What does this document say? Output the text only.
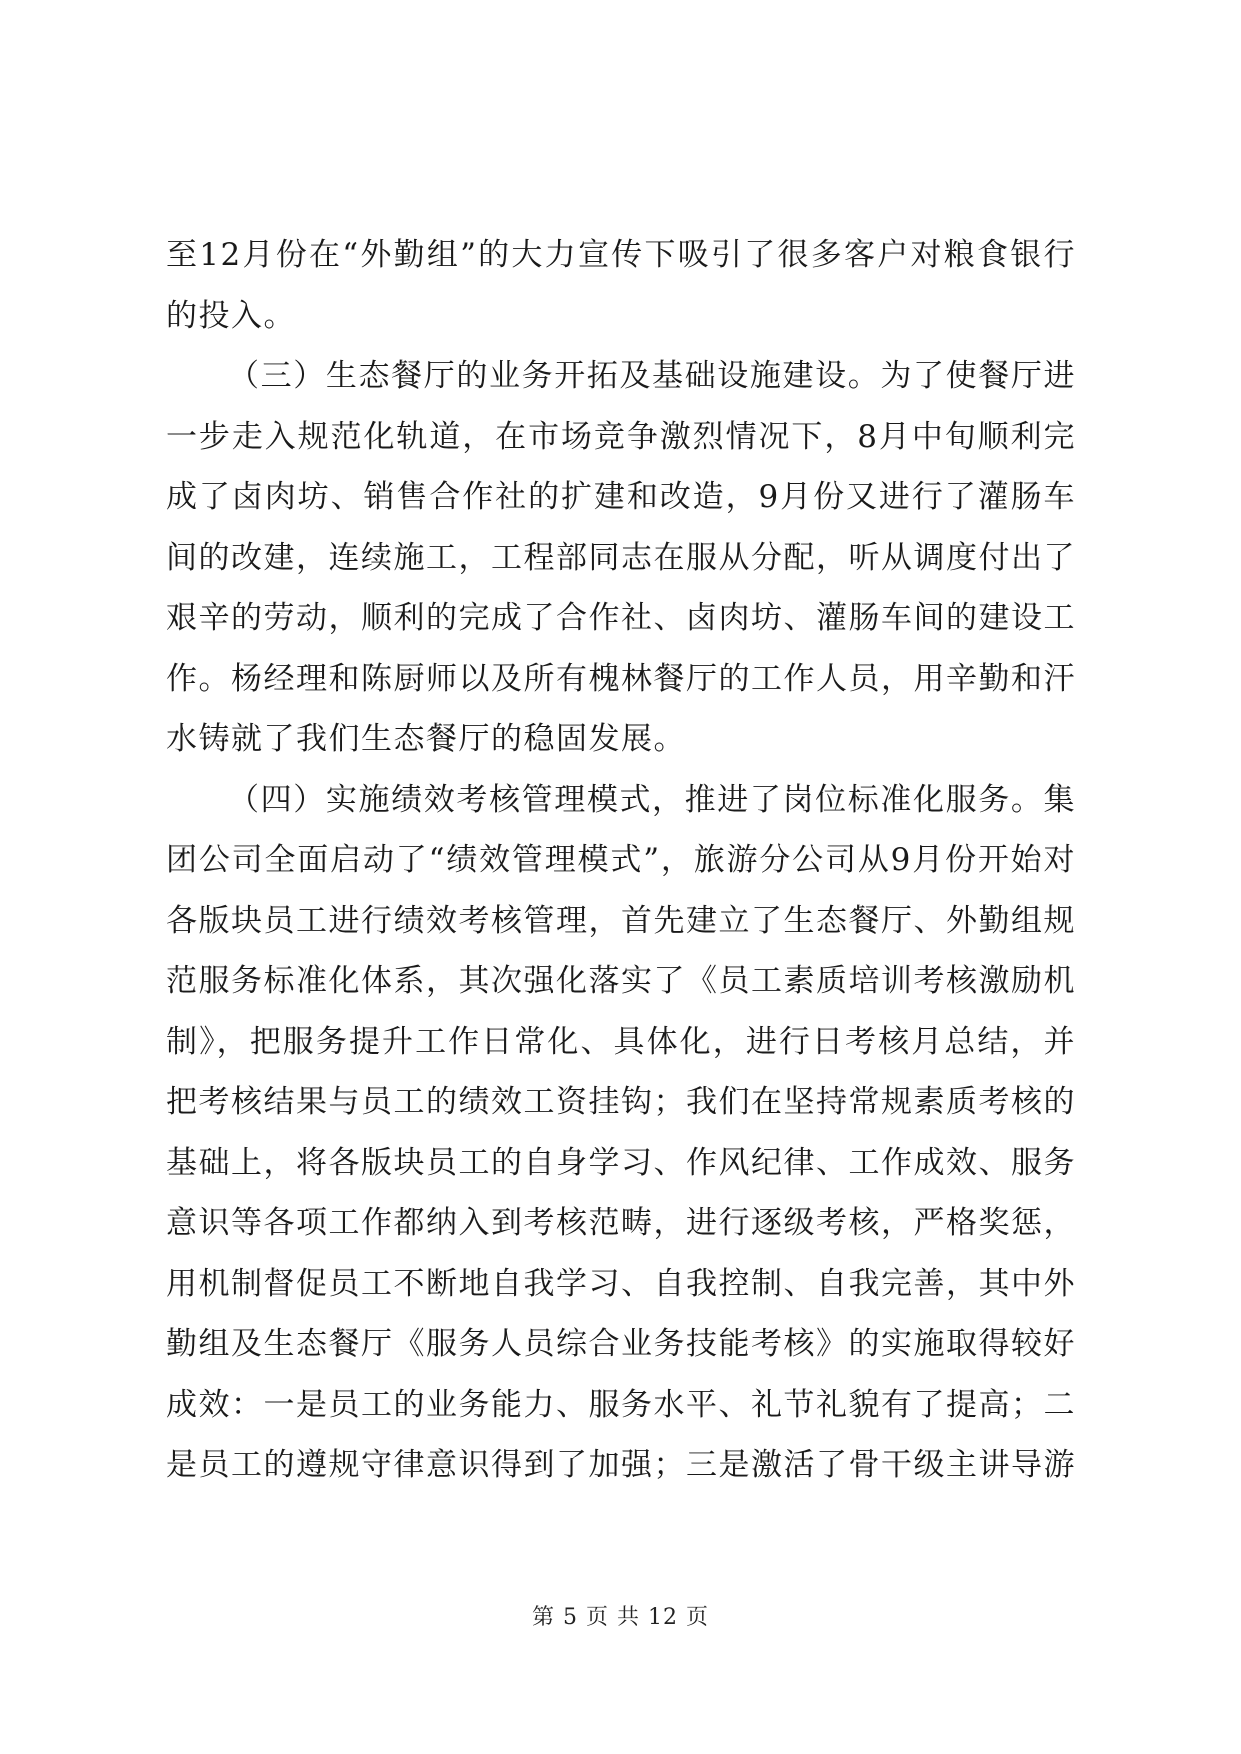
至12月份在“外勤组”的大力宣传下吸引了很多客户对粮食银行的投入。

（三）生态餐厅的业务开拓及基础设施建设。为了使餐厅进一步走入规范化轨道，在市场竞争激烈情况下，8月中旬顺利完成了卤肉坊、销售合作社的扩建和改造，9月份又进行了灌肠车间的改建，连续施工，工程部同志在服从分配，听从调度付出了艰辛的劳动，顺利的完成了合作社、卤肉坊、灌肠车间的建设工作。杨经理和陈厨师以及所有槐林餐厅的工作人员，用辛勤和汗水铸就了我们生态餐厅的稳固发展。

（四）实施绩效考核管理模式，推进了岗位标准化服务。集团公司全面启动了“绩效管理模式”，旅游分公司从9月份开始对各版块员工进行绩效考核管理，首先建立了生态餐厅、外勤组规范服务标准化体系，其次强化落实了《员工素质培训考核激励机制》，把服务提升工作日常化、具体化，进行日考核月总结，并把考核结果与员工的绩效工资挂钩；我们在坚持常规素质考核的基础上，将各版块员工的自身学习、作风纪律、工作成效、服务意识等各项工作都纳入到考核范畴，进行逐级考核，严格奖惩，用机制督促员工不断地自我学习、自我控制、自我完善，其中外勤组及生态餐厅《服务人员综合业务技能考核》的实施取得较好成效：一是员工的业务能力、服务水平、礼节礼貌有了提高；二是员工的遵规守律意识得到了加强；三是激活了骨干级主讲导游

第 5 页 共 12 页
